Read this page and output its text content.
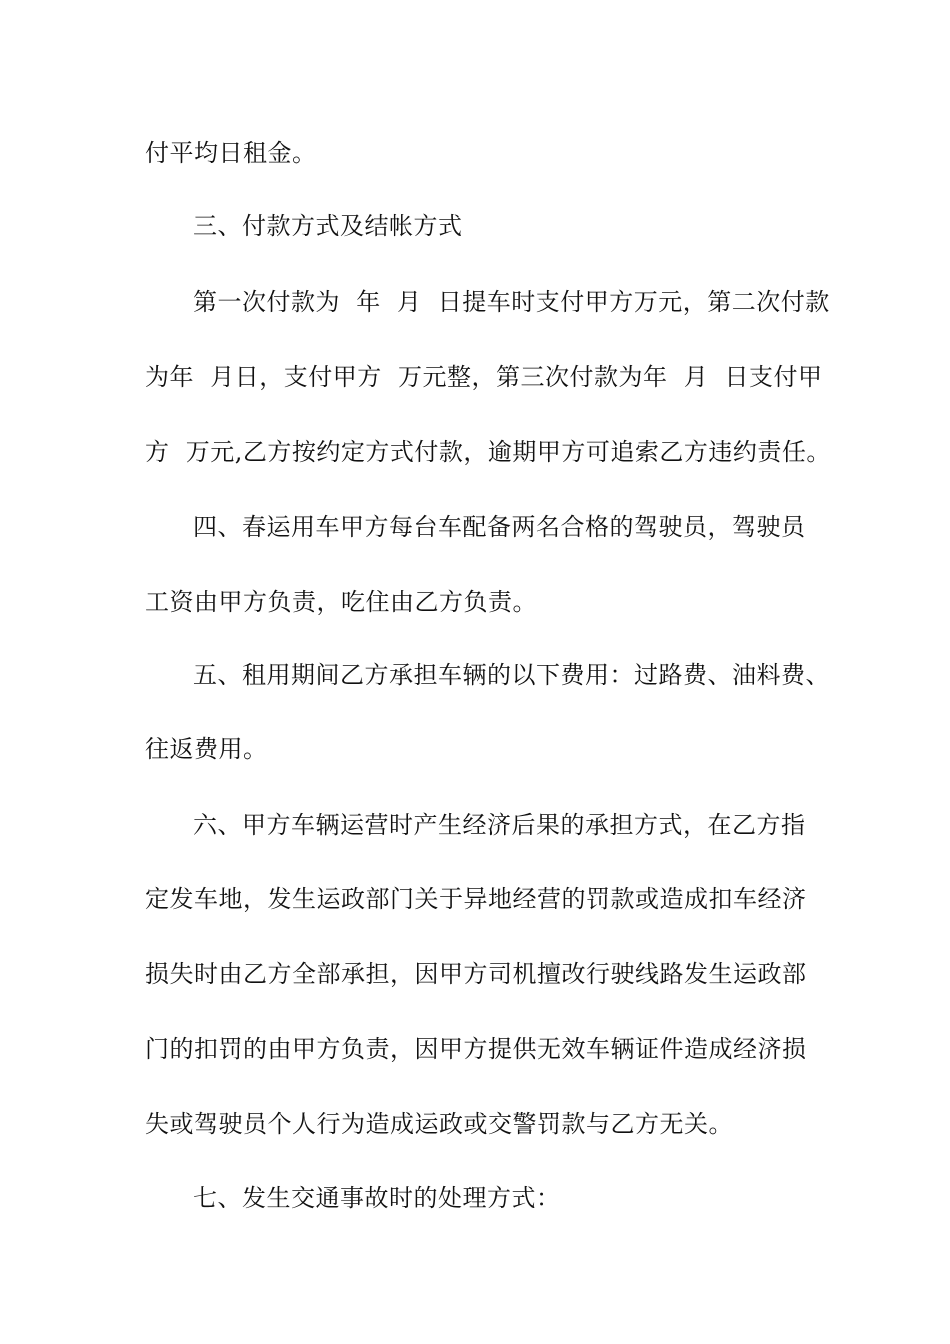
付平均日租金。
三、付款方式及结帐方式
第一次付款为  年  月  日提车时支付甲方万元，第二次付款
为年  月日，支付甲方  万元整，第三次付款为年  月  日支付甲
方  万元,乙方按约定方式付款，逾期甲方可追索乙方违约责任。
四、春运用车甲方每台车配备两名合格的驾驶员，驾驶员
工资由甲方负责，吃住由乙方负责。
五、租用期间乙方承担车辆的以下费用：过路费、油料费、
往返费用。
六、甲方车辆运营时产生经济后果的承担方式，在乙方指
定发车地，发生运政部门关于异地经营的罚款或造成扣车经济
损失时由乙方全部承担，因甲方司机擅改行驶线路发生运政部
门的扣罚的由甲方负责，因甲方提供无效车辆证件造成经济损
失或驾驶员个人行为造成运政或交警罚款与乙方无关。
七、发生交通事故时的处理方式：
